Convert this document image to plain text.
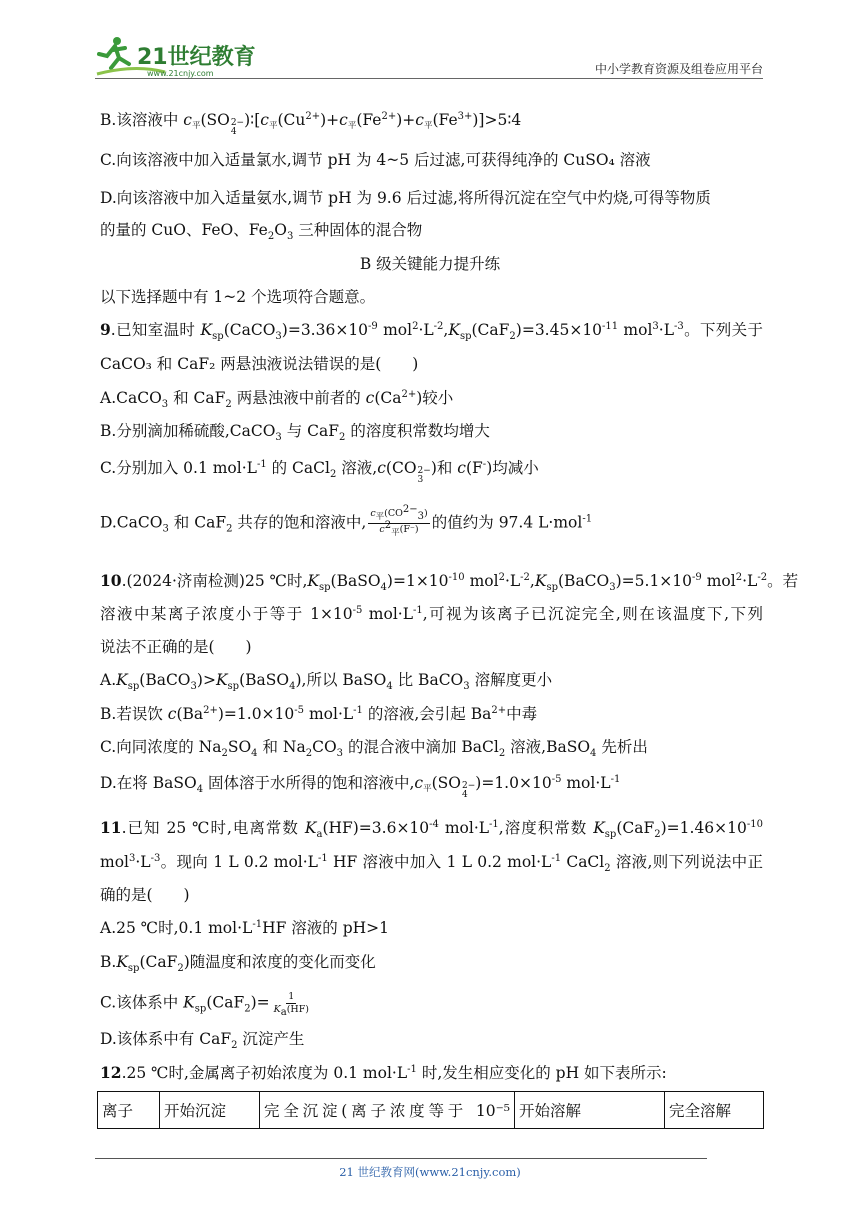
21世纪教育
www.21cnjy.com	中小学教育资源及组卷应用平台
B.该溶液中 c平(SO 2−
4
)∶[c平$(Cu^{2+})+c$平$(Fe^{2+})+c$平$(Fe^{3+})]>5∶4$
C.向该溶液中加入适量氯水,调节 pH 为 4~5 后过滤,可获得纯净的 CuSO₄ 溶液
D.向该溶液中加入适量氨水,调节 pH 为 9.6 后过滤,将所得沉淀在空气中灼烧,可得等物质
的量的 CuO、FeO、$Fe_2O_3$ 三种固体的混合物
B 级关键能力提升练
以下选择题中有 1~2 个选项符合题意。
9.已知室温时 $K_{sp}(CaCO_3)=3.36\times 10^{-9}$ $mol^2\cdot L^{-2},K_{sp}(CaF_2)=3.45\times 10^{-11}$ $mol^3\cdot L^{-3}$。下列关于
CaCO₃ 和 CaF₂ 两悬浊液说法错误的是(　　)
A.CaCO$_3$ 和 CaF$_2$ 两悬浊液中前者的 $c(Ca^{2+})$较小
B.分别滴加稀硫酸,CaCO$_3$ 与 CaF$_2$ 的溶度积常数均增大
C.分别加入 0.1 $mol\cdot L^{-1}$ 的 CaCl$_2$ 溶液,c(CO 2−
3
)和 c(F-)均减小
D.CaCO$_3$ 和 CaF$_2$ 共存的饱和溶液中, $\frac{c平(CO^{2-}_3)}{c^2平(F^-)}$ 的值约为 97.4 L·mol$^{-1}$
10.(2024·济南检测)25 ℃时$,K_{sp}(BaSO_4)=1\times 10^{-10}$ $mol^2\cdot L^{-2},K_{sp}(BaCO_3)=5.1\times 10^{-9}$ $mol^2\cdot L^{-2}$。若
溶液中某离子浓度小于等于 $1\times 10^{-5}$ $mol\cdot L^{-1}$,可视为该离子已沉淀完全,则在该温度下,下列
说法不正确的是(　　)
$A.K_{sp}(BaCO_3)>K_{sp}(BaSO_4)$,所以 BaSO$_4$ 比 BaCO$_3$ 溶解度更小
B.若误饮 $c(Ba^{2+})=1.0\times 10^{-5}$ $mol\cdot L^{-1}$ 的溶液,会引起 $Ba^{2+}$中毒
C.向同浓度的 $Na_2SO_4$ 和 $Na_2CO_3$ 的混合液中滴加 BaCl$_2$ 溶液,BaSO$_4$ 先析出
D.在将 BaSO$_4$ 固体溶于水所得的饱和溶液中,c平(SO 2−
4
)$=1.0\times 10^{-5}$ $mol\cdot L^{-1}$
11.已知 25 ℃时,电离常数 $K_a(HF)=3.6\times 10^{-4}$ $mol\cdot L^{-1}$,溶度积常数 $K_{sp}(CaF_2)=1.46\times 10^{-10}$
$mol^3\cdot L^{-3}$。现向 1 L 0.2 $mol\cdot L^{-1}$ HF 溶液中加入 1 L 0.2 $mol\cdot L^{-1}$ CaCl$_2$ 溶液,则下列说法中正
确的是(　　)
A.25 ℃时,0.1 $mol\cdot L^{-1}HF$ 溶液的 pH>1
$B.K_{sp}(CaF_2)$随温度和浓度的变化而变化
C.该体系中 $K_{sp}(CaF_2)= \frac{1}{K_a(HF)}$
D.该体系中有 CaF$_2$ 沉淀产生
12.25 ℃时,金属离子初始浓度为 0.1 $mol\cdot L^{-1}$ 时,发生相应变化的 pH 如下表所示:
离子	开始沉淀	完全沉淀(离子浓度等于 10⁻⁵	开始溶解	完全溶解
21 世纪教育网(www.21cnjy.com)
